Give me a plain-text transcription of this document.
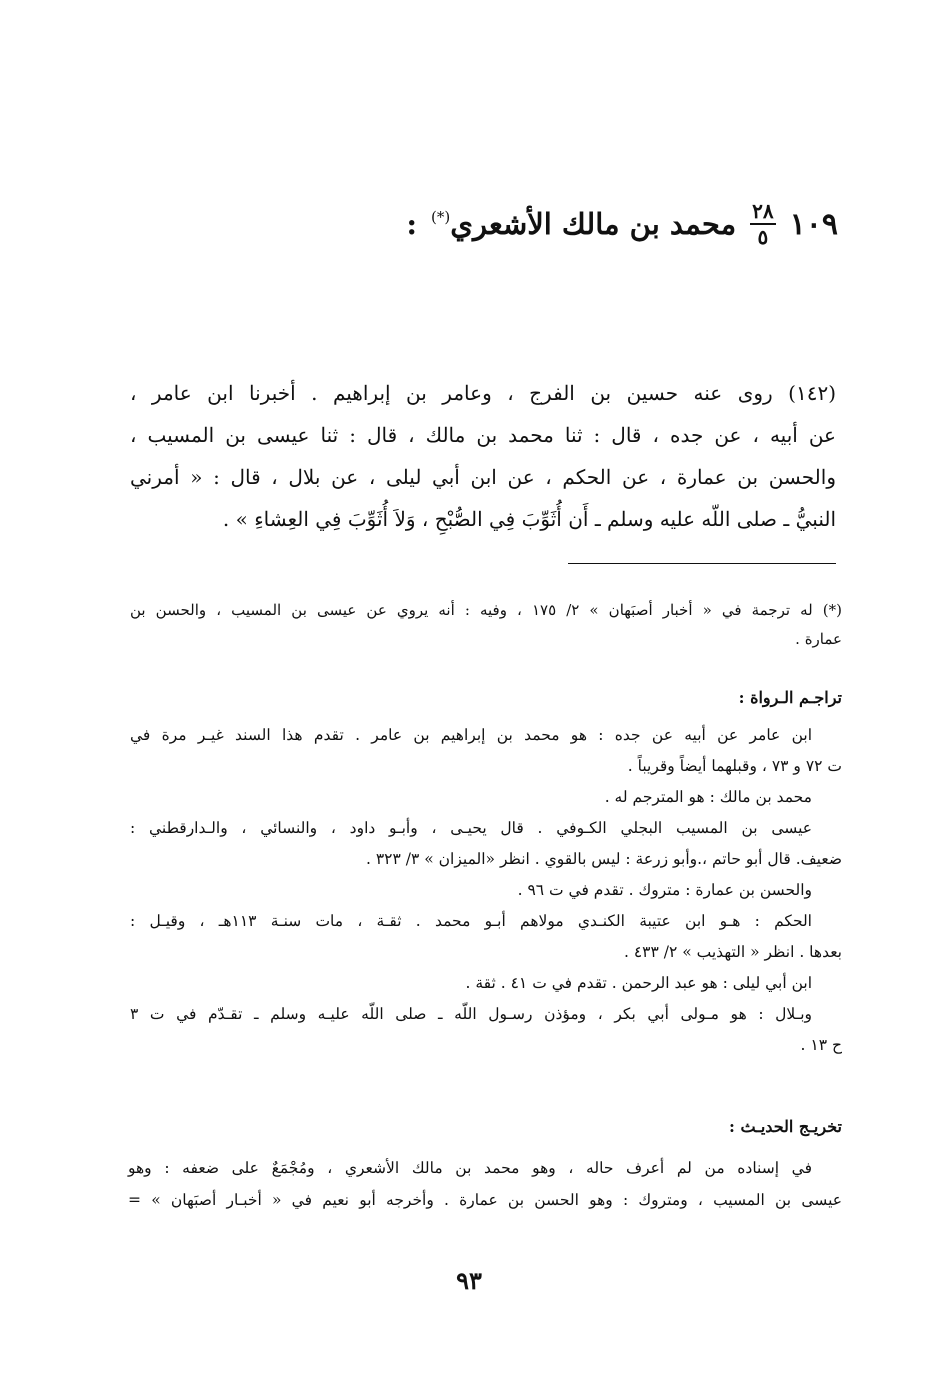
١٠٩
$\frac{٢٨}{٥}$
محمد بن مالك الأشعري(*)
:
(١٤٢) روى عنه حسين بن الفرج ، وعامر بن إبراهيم . أخبرنا ابن عامر ،
عن أبيه ، عن جده ، قال : ثنا محمد بن مالك ، قال : ثنا عيسى بن المسيب ،
والحسن بن عمارة ، عن الحكم ، عن ابن أبي ليلى ، عن بلال ، قال : « أمرني
النبيُّ ـ صلى اللّه عليه وسلم ـ أَن أُثَوِّبَ فِي الصُّبْحِ ، وَلاَ أُثَوِّبَ فِي العِشاءِ » .
(*) له ترجمة في « أخبار أصبَهان » ٢/ ١٧٥ ، وفيه : أنه يروي عن عيسى بن المسيب ، والحسن بن
عمارة .
تراجـم الـرواة :
ابن عامر عن أبيه عن جده : هو محمد بن إبراهيم بن عامر . تقدم هذا السند غيـر مرة في
ت ٧٢ و ٧٣ ، وقبلهما أيضاً وقريباً .
محمد بن مالك : هو المترجم له .
عيسى بن المسيب البجلي الكـوفي . قال يحيـى ، وأبـو داود ، والنسائي ، والـدارقطني :
ضعيف. قال أبو حاتم ،.وأبو زرعة : ليس بالقوي . انظر «الميزان » ٣/ ٣٢٣ .
والحسن بن عمارة : متروك . تقدم في ت ٩٦ .
الحكم : هـو ابن عتيبة الكنـدي مولاهم أبـو محمد . ثقـة ، مات سنـة ١١٣هـ ، وقيـل :
بعدها . انظر « التهذيب » ٢/ ٤٣٣ .
ابن أبي ليلى : هو عبد الرحمن . تقدم في ت ٤١ . ثقة .
وبـلال : هو مـولى أبي بكر ، ومؤذن رسـول اللّه ـ صلى اللّه عليـه وسلم ـ تقـدّم في ت ٣
ح ١٣ .
تخريـج الحديـث :
في إسناده من لم أعرف حاله ، وهو محمد بن مالك الأشعري ، ومُجْمَعٌ على ضعفه : وهو
عيسى بن المسيب ، ومتروك : وهو الحسن بن عمارة . وأخرجه أبو نعيم في « أخبـار أصبَهان » =
٩٣
